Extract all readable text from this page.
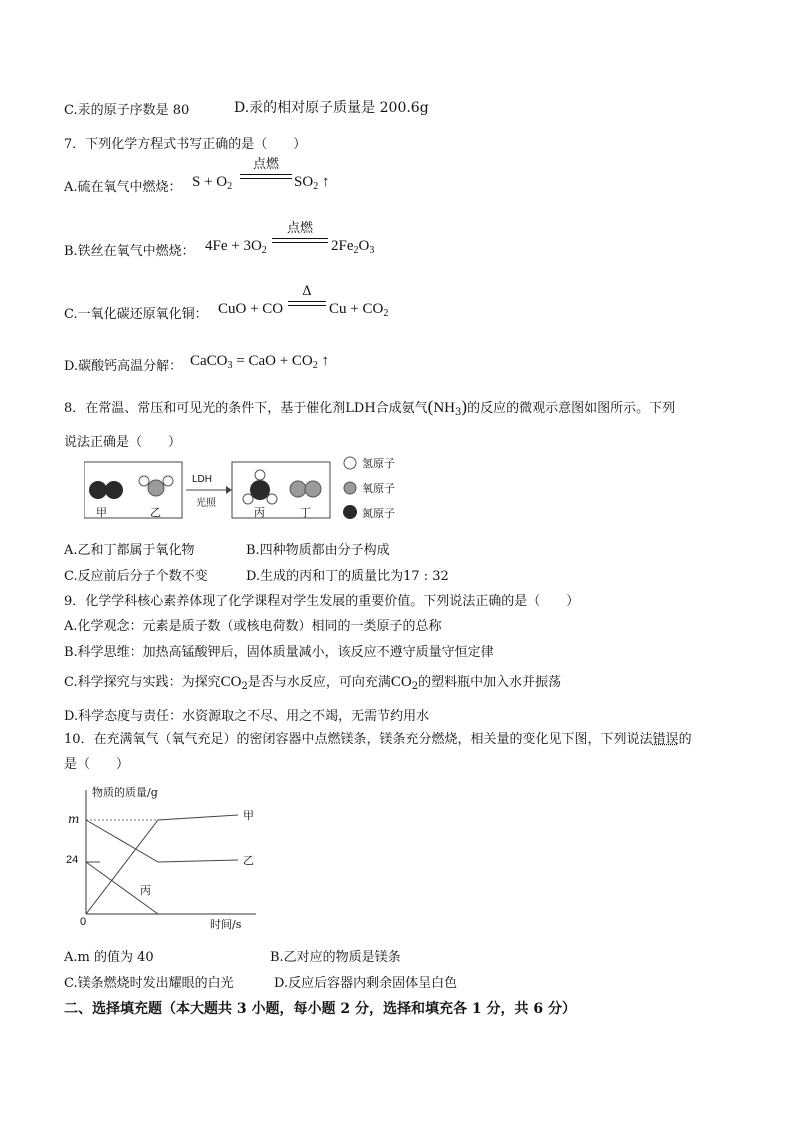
C.汞的原子序数是 80	D.汞的相对原子质量是 200.6g
7．下列化学方程式书写正确的是（　　）
A.硫在氧气中燃烧： $S + O_2$
点燃
$SO_2$ ↑
B.铁丝在氧气中燃烧： $4Fe + 3O_2$
点燃
$2Fe_2O_3$
C.一氧化碳还原氧化铜： CuO + CO
Δ
$Cu + CO_2$
D.碳酸钙高温分解： CaCO$_3$ = CaO + $CO_2$ ↑
8．在常温、常压和可见光的条件下，基于催化剂LDH合成氨气$(NH_3)$的反应的微观示意图如图所示。下列
说法正确是（　　）
甲	乙	丙	丁
LDH
光照
氢原子
氧原子
氮原子
A.乙和丁都属于氧化物	B.四种物质都由分子构成
C.反应前后分子个数不变	D.生成的丙和丁的质量比为17 : 32
9．化学学科核心素养体现了化学课程对学生发展的重要价值。下列说法正确的是（　　）
A.化学观念：元素是质子数（或核电荷数）相同的一类原子的总称
B.科学思维：加热高锰酸钾后，固体质量减小，该反应不遵守质量守恒定律
C.科学探究与实践：为探究$CO_2$是否与水反应，可向充满$CO_2$的塑料瓶中加入水并振荡
D.科学态度与责任：水资源取之不尽、用之不竭，无需节约用水
10．在充满氧气（氧气充足）的密闭容器中点燃镁条，镁条充分燃烧，相关量的变化见下图，下列说法错误的
是（　　）
物质的质量/g
时间/s
0
m
24
甲
乙
丙
A.m 的值为 40	B.乙对应的物质是镁条
C.镁条燃烧时发出耀眼的白光	D.反应后容器内剩余固体呈白色
二、选择填充题（本大题共 3 小题，每小题 2 分，选择和填充各 1 分，共 6 分）
